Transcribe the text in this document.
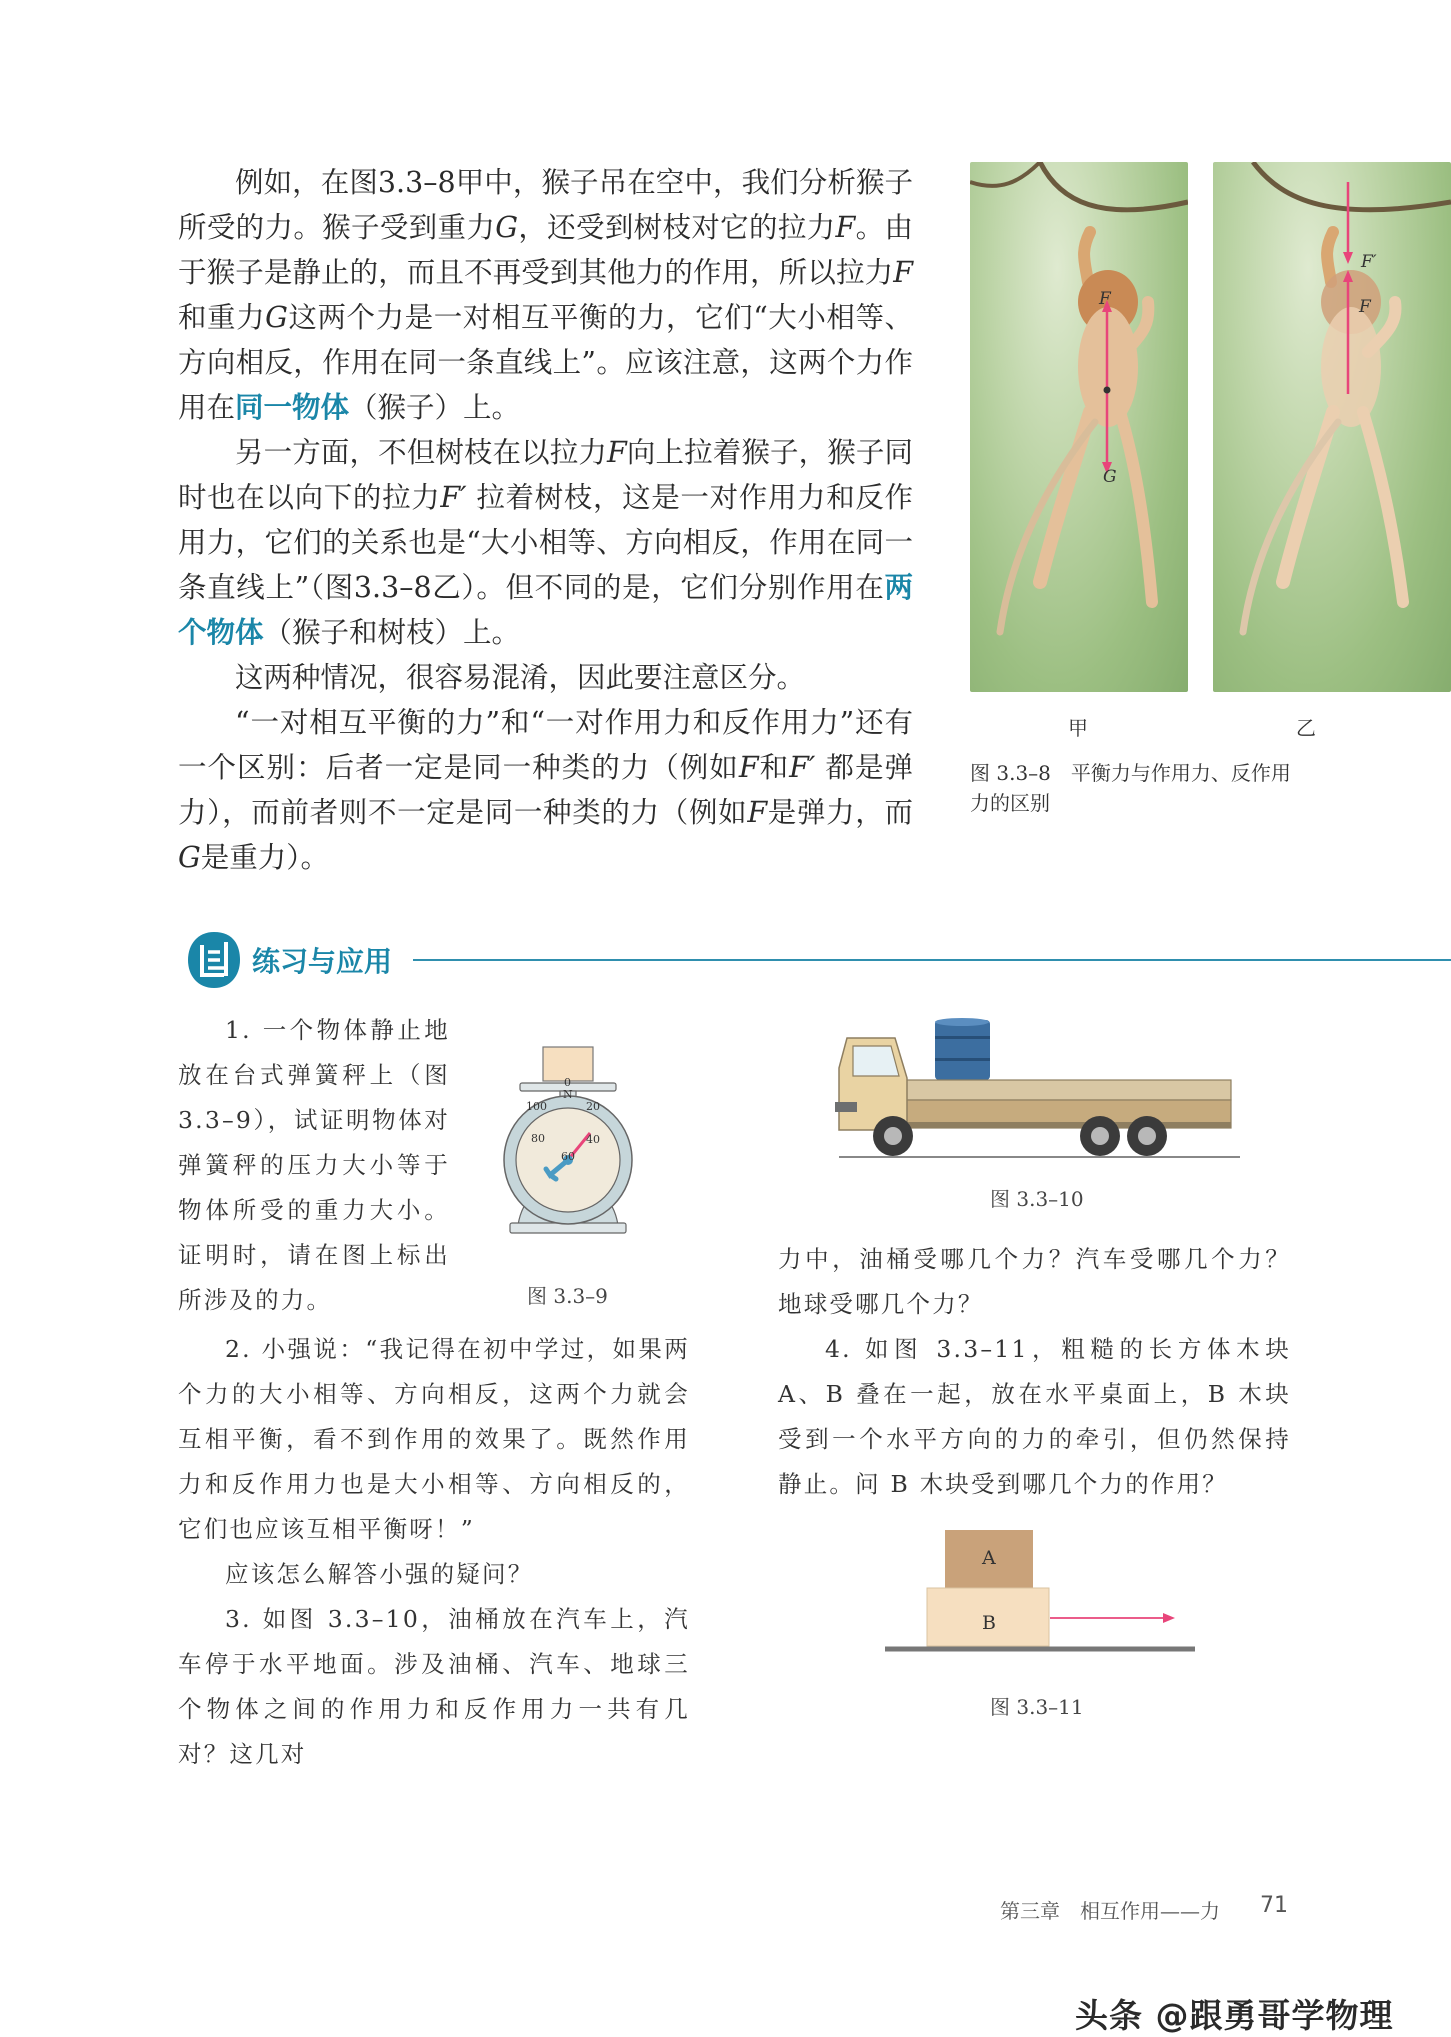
例如，在图3.3–8甲中，猴子吊在空中，我们分析猴子所受的力。猴子受到重力G，还受到树枝对它的拉力F。由于猴子是静止的，而且不再受到其他力的作用，所以拉力F和重力G这两个力是一对相互平衡的力，它们“大小相等、方向相反，作用在同一条直线上”。应该注意，这两个力作用在同一物体（猴子）上。

另一方面，不但树枝在以拉力F向上拉着猴子，猴子同时也在以向下的拉力F′ 拉着树枝，这是一对作用力和反作用力，它们的关系也是“大小相等、方向相反，作用在同一条直线上”（图3.3–8乙）。但不同的是，它们分别作用在两个物体（猴子和树枝）上。

这两种情况，很容易混淆，因此要注意区分。

“一对相互平衡的力”和“一对作用力和反作用力”还有一个区别：后者一定是同一种类的力（例如F和F′ 都是弹力），而前者则不一定是同一种类的力（例如F是弹力，而G是重力）。

F
G
F′
F
甲	乙
图 3.3–8　平衡力与作用力、反作用
力的区别
练习与应用

1. 一个物体静止地放在台式弹簧秤上（图 3.3–9），试证明物体对弹簧秤的压力大小等于物体所受的重力大小。证明时，请在图上标出所涉及的力。

0
N
20
40
60
80
100
图 3.3–9

2. 小强说：“我记得在初中学过，如果两个力的大小相等、方向相反，这两个力就会互相平衡，看不到作用的效果了。既然作用力和反作用力也是大小相等、方向相反的，它们也应该互相平衡呀！”

应该怎么解答小强的疑问？

3. 如图 3.3–10，油桶放在汽车上，汽车停于水平地面。涉及油桶、汽车、地球三个物体之间的作用力和反作用力一共有几对？这几对

图 3.3–10

力中，油桶受哪几个力？汽车受哪几个力？地球受哪几个力？

4. 如图 3.3–11，粗糙的长方体木块 A、B 叠在一起，放在水平桌面上，B 木块受到一个水平方向的力的牵引，但仍然保持静止。问 B 木块受到哪几个力的作用？

A
B
图 3.3–11
第三章　相互作用——力 71
头条 @跟勇哥学物理
